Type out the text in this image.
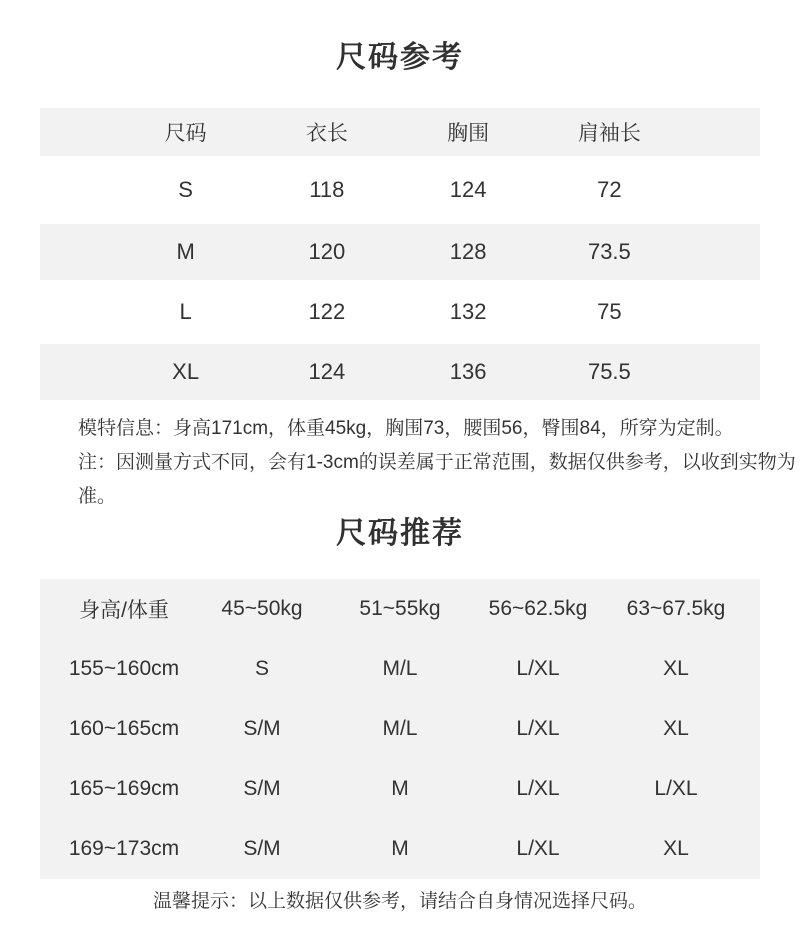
尺码参考
尺码	衣长	胸围	肩袖长
S	118	124	72
M	120	128	73.5
L	122	132	75
XL	124	136	75.5

模特信息：身高171cm，体重45kg，胸围73，腰围56，臀围84，所穿为定制。

注：因测量方式不同，会有1-3cm的误差属于正常范围，数据仅供参考，以收到实物为准。

尺码推荐
身高/体重	45~50kg	51~55kg	56~62.5kg	63~67.5kg
155~160cm	S	M/L	L/XL	XL
160~165cm	S/M	M/L	L/XL	XL
165~169cm	S/M	M	L/XL	L/XL
169~173cm	S/M	M	L/XL	XL

温馨提示：以上数据仅供参考，请结合自身情况选择尺码。
